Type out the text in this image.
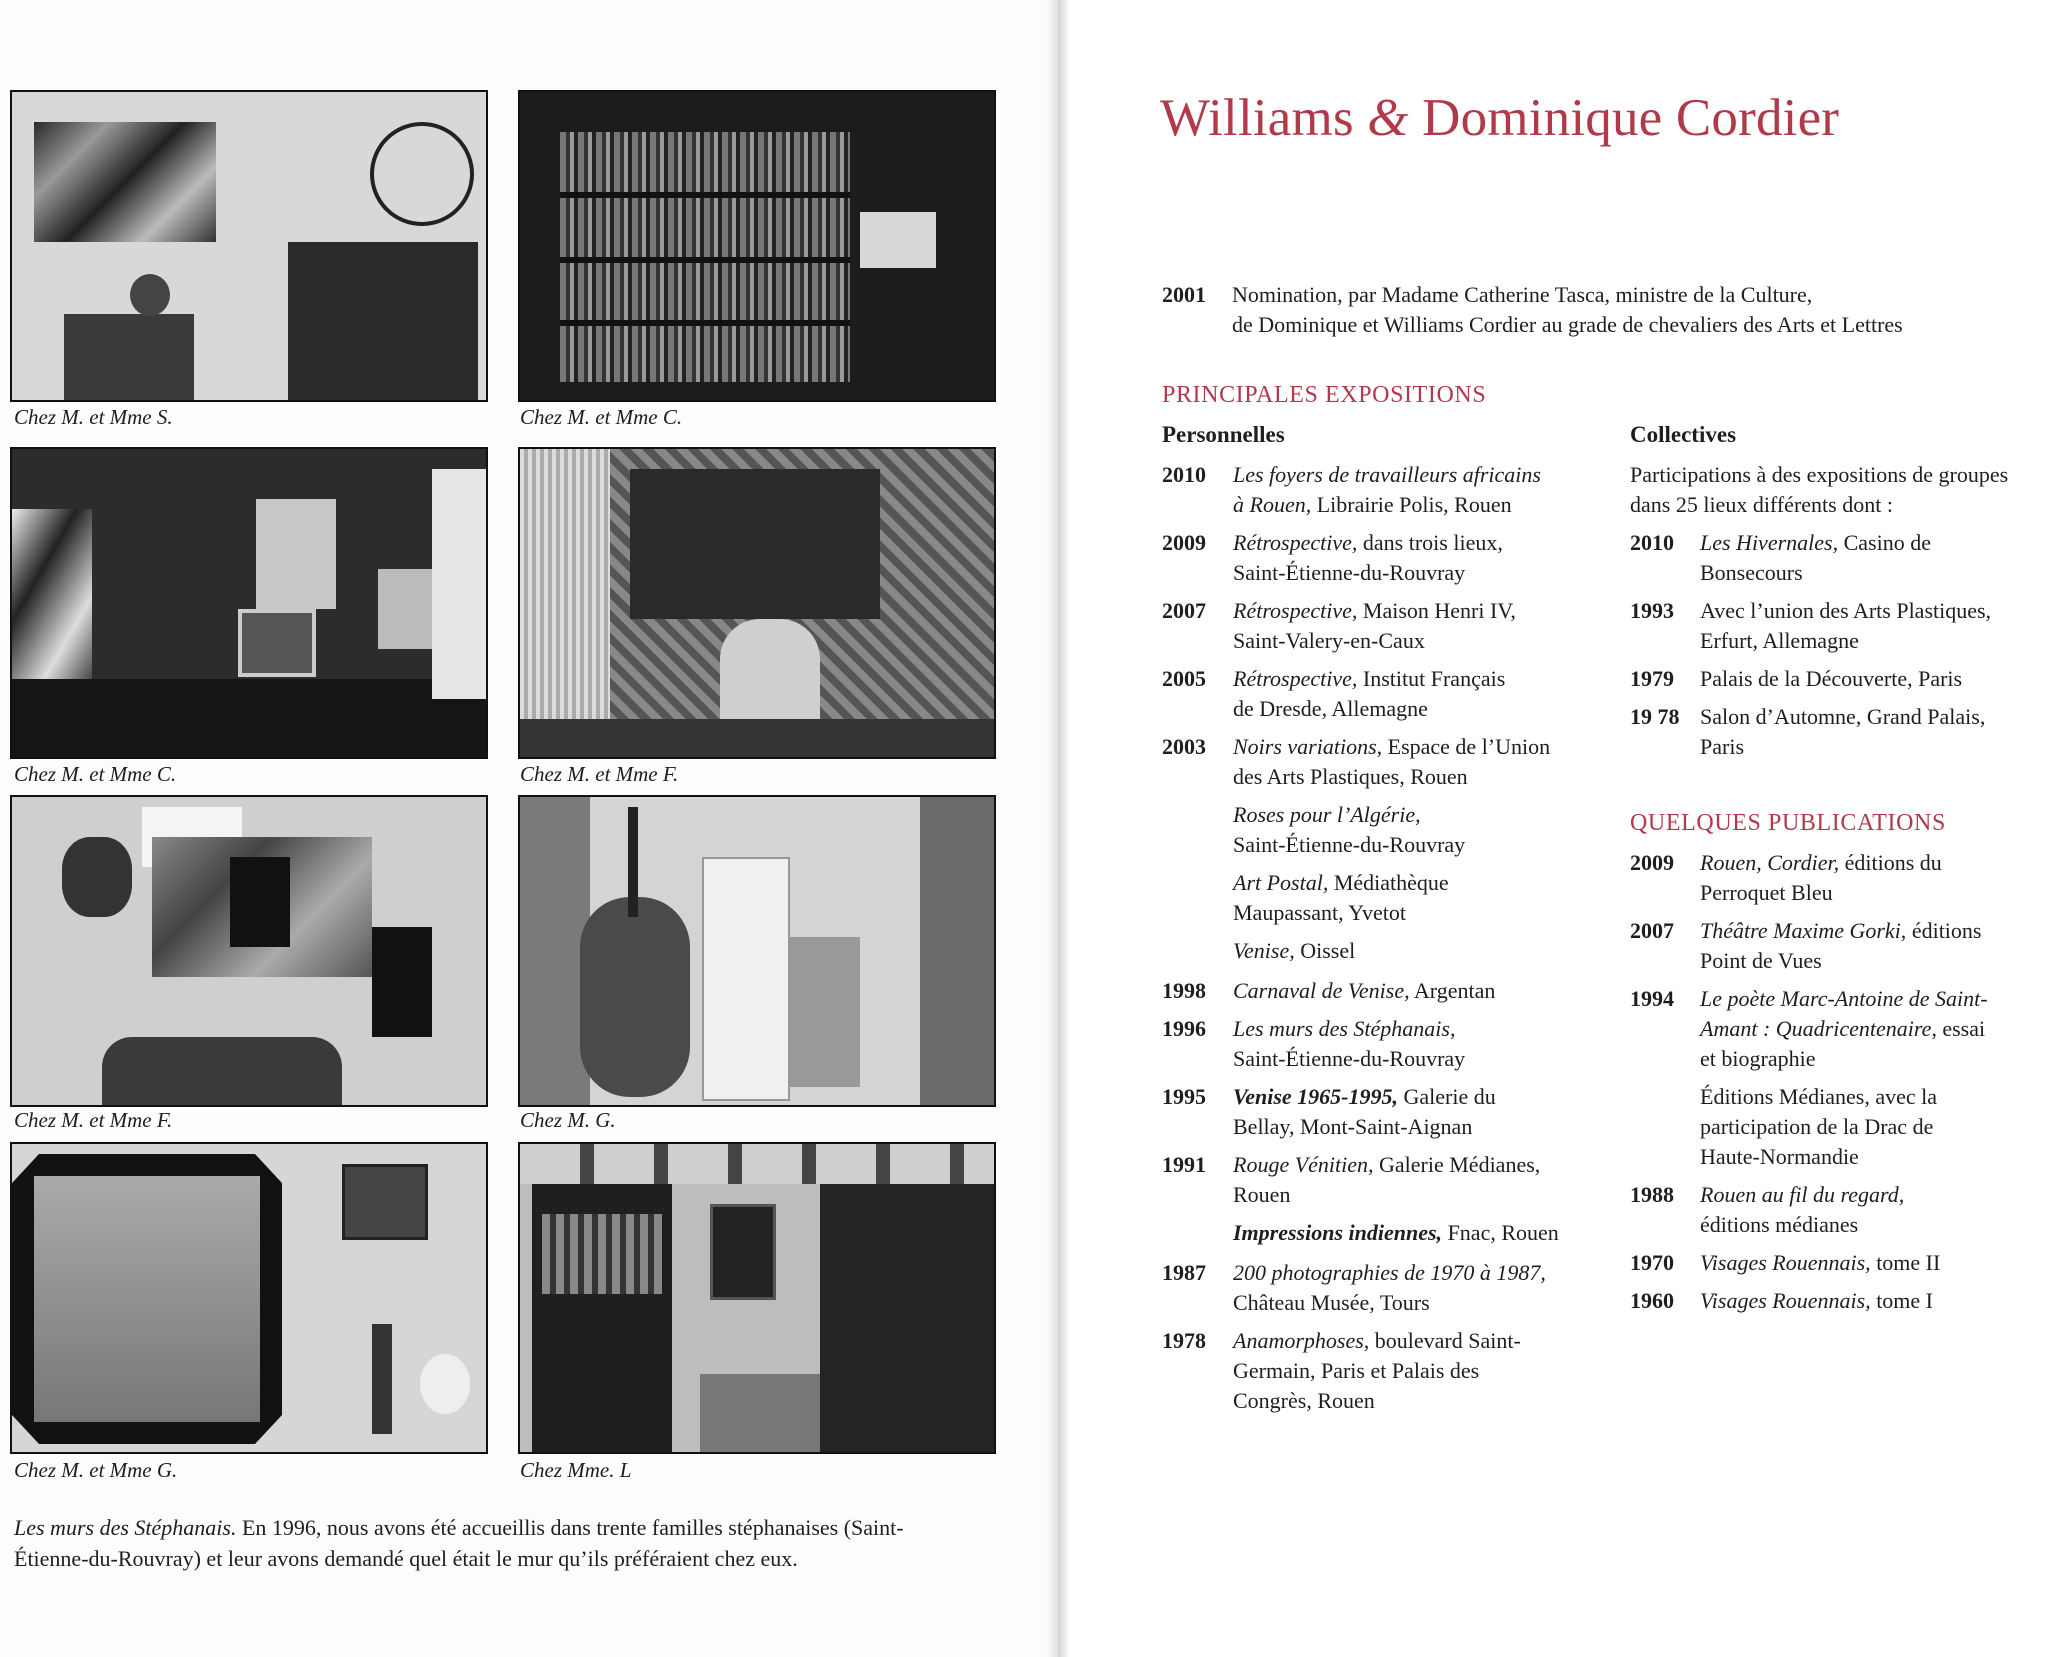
Chez M. et Mme S.	Chez M. et Mme C.
Chez M. et Mme C.	Chez M. et Mme F.
Chez M. et Mme F.	Chez M. G.
Chez M. et Mme G.	Chez Mme. L
Les murs des Stéphanais. En 1996, nous avons été accueillis dans trente familles stéphanaises (Saint-
Étienne-du-Rouvray) et leur avons demandé quel était le mur qu’ils préféraient chez eux.
Williams & Dominique Cordier
2001 Nomination, par Madame Catherine Tasca, ministre de la Culture,
de Dominique et Williams Cordier au grade de chevaliers des Arts et Lettres
PRINCIPALES EXPOSITIONS
Personnelles	Collectives
2010 Les foyers de travailleurs africains
à Rouen, Librairie Polis, Rouen
2009 Rétrospective, dans trois lieux,
Saint-Étienne-du-Rouvray
2007 Rétrospective, Maison Henri IV,
Saint-Valery-en-Caux
2005 Rétrospective, Institut Français
de Dresde, Allemagne
2003 Noirs variations, Espace de l’Union
des Arts Plastiques, Rouen
Roses pour l’Algérie,
Saint-Étienne-du-Rouvray
Art Postal, Médiathèque
Maupassant, Yvetot
Venise, Oissel
1998 Carnaval de Venise, Argentan
1996 Les murs des Stéphanais,
Saint-Étienne-du-Rouvray
1995 Venise 1965-1995, Galerie du
Bellay, Mont-Saint-Aignan
1991 Rouge Vénitien, Galerie Médianes,
Rouen
Impressions indiennes, Fnac, Rouen
1987 200 photographies de 1970 à 1987,
Château Musée, Tours
1978 Anamorphoses, boulevard Saint-
Germain, Paris et Palais des
Congrès, Rouen
Participations à des expositions de groupes
dans 25 lieux différents dont :
2010 Les Hivernales, Casino de
Bonsecours
1993 Avec l’union des Arts Plastiques,
Erfurt, Allemagne
1979 Palais de la Découverte, Paris
19 78 Salon d’Automne, Grand Palais,
Paris
QUELQUES PUBLICATIONS
2009 Rouen, Cordier, éditions du
Perroquet Bleu
2007 Théâtre Maxime Gorki, éditions
Point de Vues
1994 Le poète Marc-Antoine de Saint-
Amant : Quadricentenaire, essai
et biographie
Éditions Médianes, avec la
participation de la Drac de
Haute-Normandie
1988 Rouen au fil du regard,
éditions médianes
1970 Visages Rouennais, tome II
1960 Visages Rouennais, tome I
